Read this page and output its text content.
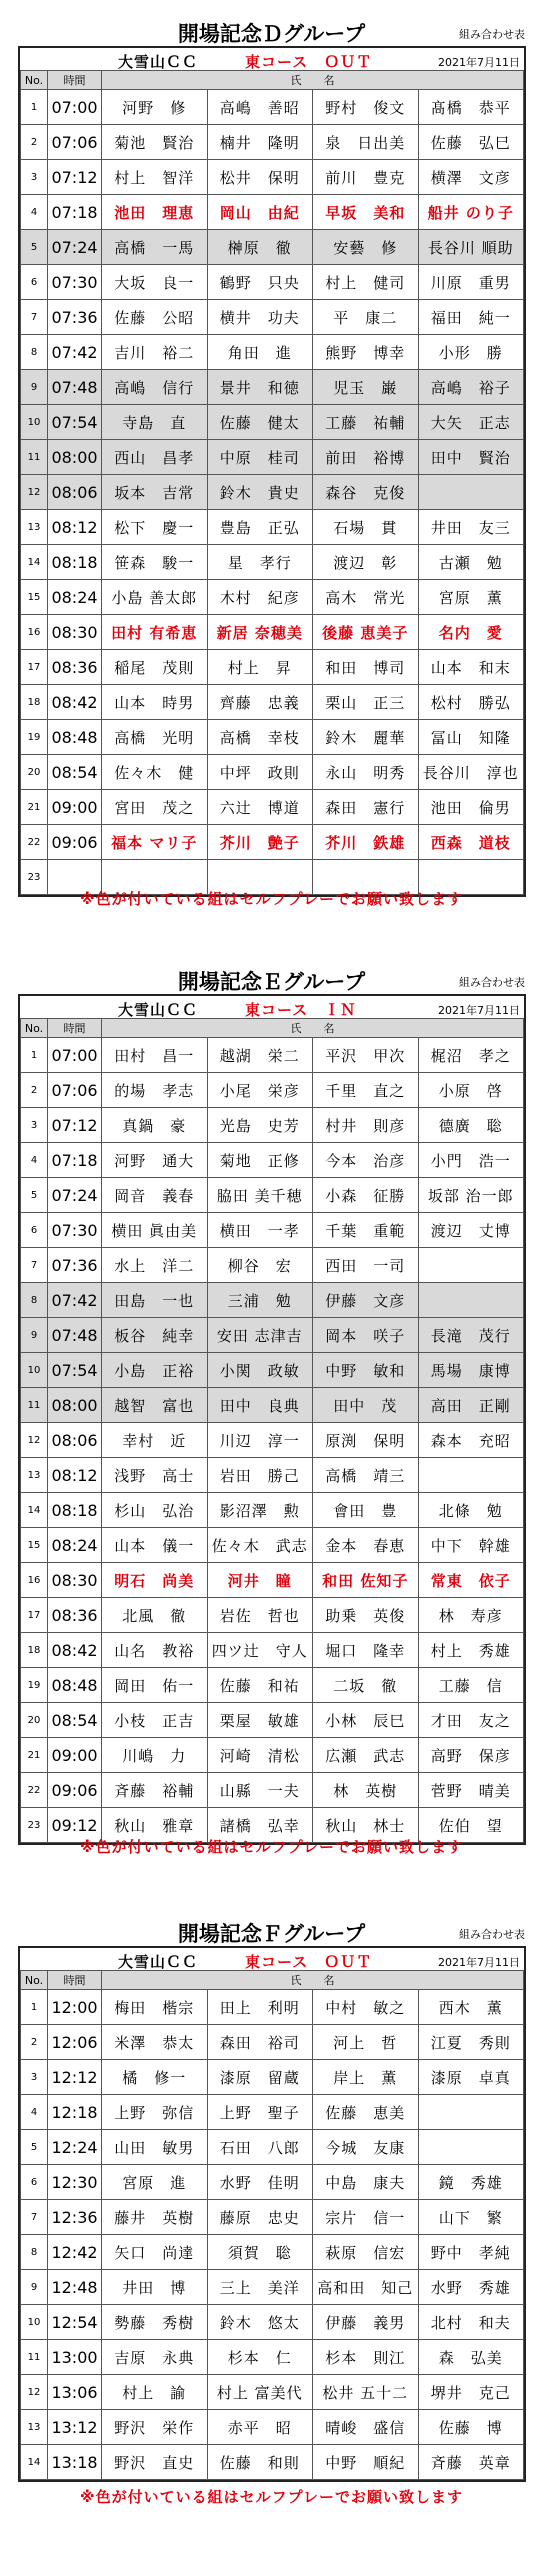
開場記念Ｄグループ	組み合わせ表
大雪山ＣＣ	東コース　ＯＵＴ	2021年7月11日
No.	時間	氏　　名			
1	07:00	河野　修	高嶋　善昭	野村　俊文	髙橋　恭平
2	07:06	菊池　賢治	楠井　隆明	泉　日出美	佐藤　弘巳
3	07:12	村上　智洋	松井　保明	前川　豊克	横澤　文彦
4	07:18	池田　理恵	岡山　由紀	早坂　美和	船井 のり子
5	07:24	高橋　一馬	榊原　徹	安藝　修	長谷川 順助
6	07:30	大坂　良一	鶴野　只央	村上　健司	川原　重男
7	07:36	佐藤　公昭	横井　功夫	平　康二	福田　純一
8	07:42	吉川　裕二	角田　進	熊野　博幸	小形　勝
9	07:48	高嶋　信行	景井　和徳	児玉　巌	高嶋　裕子
10	07:54	寺島　直	佐藤　健太	工藤　祐輔	大矢　正志
11	08:00	西山　昌孝	中原　桂司	前田　裕博	田中　賢治
12	08:06	坂本　吉常	鈴木　貴史	森谷　克俊	
13	08:12	松下　慶一	豊島　正弘	石場　貫	井田　友三
14	08:18	笹森　駿一	星　孝行	渡辺　彰	古瀬　勉
15	08:24	小島 善太郎	木村　紀彦	高木　常光	宮原　薫
16	08:30	田村 有希恵	新居 奈穂美	後藤 恵美子	名内　愛
17	08:36	稲尾　茂則	村上　昇	和田　博司	山本　和末
18	08:42	山本　時男	齊藤　忠義	栗山　正三	松村　勝弘
19	08:48	高橋　光明	高橋　幸枝	鈴木　麗華	冨山　知隆
20	08:54	佐々木　健	中坪　政則	永山　明秀	長谷川　淳也
21	09:00	宮田　茂之	六辻　博道	森田　憲行	池田　倫男
22	09:06	福本 マリ子	芥川　艶子	芥川　鉄雄	西森　道枝
23					
※色が付いている組はセルフプレーでお願い致します
開場記念Ｅグループ	組み合わせ表
大雪山ＣＣ	東コース　ＩＮ	2021年7月11日
No.	時間	氏　　名			
1	07:00	田村　昌一	越湖　栄二	平沢　甲次	梶沼　孝之
2	07:06	的場　孝志	小尾　栄彦	千里　直之	小原　啓
3	07:12	真鍋　豪	光島　史芳	村井　則彦	德廣　聡
4	07:18	河野　通大	菊地　正修	今本　治彦	小門　浩一
5	07:24	岡音　義春	脇田 美千穂	小森　征勝	坂部 治一郎
6	07:30	横田 眞由美	横田　一孝	千葉　重範	渡辺　丈博
7	07:36	水上　洋二	柳谷　宏	西田　一司	
8	07:42	田島　一也	三浦　勉	伊藤　文彦	
9	07:48	板谷　純幸	安田 志津吉	岡本　咲子	長滝　茂行
10	07:54	小島　正裕	小関　政敏	中野　敏和	馬場　康博
11	08:00	越智　富也	田中　良典	田中　茂	高田　正剛
12	08:06	幸村　近	川辺　淳一	原渕　保明	森本　充昭
13	08:12	浅野　高士	岩田　勝己	高橋　靖三	
14	08:18	杉山　弘治	影沼澤　勲	會田　豊	北條　勉
15	08:24	山本　儀一	佐々木　武志	金本　春恵	中下　幹雄
16	08:30	明石　尚美	河井　瞳	和田 佐知子	常東　依子
17	08:36	北風　徹	岩佐　哲也	助乗　英俊	林　寿彦
18	08:42	山名　教裕	四ツ辻　守人	堀口　隆幸	村上　秀雄
19	08:48	岡田　佑一	佐藤　和祐	二坂　徹	工藤　信
20	08:54	小枝　正吉	栗屋　敏雄	小林　辰巳	才田　友之
21	09:00	川嶋　力	河崎　清松	広瀬　武志	高野　保彦
22	09:06	斉藤　裕輔	山縣　一夫	林　英樹	菅野　晴美
23	09:12	秋山　雅章	諸橋　弘幸	秋山　林士	佐伯　望
※色が付いている組はセルフプレーでお願い致します
開場記念Ｆグループ	組み合わせ表
大雪山ＣＣ	東コース　ＯＵＴ	2021年7月11日
No.	時間	氏　　名			
1	12:00	梅田　楷宗	田上　利明	中村　敏之	西木　薫
2	12:06	米澤　恭太	森田　裕司	河上　哲	江夏　秀則
3	12:12	橘　修一	漆原　留蔵	岸上　薫	漆原　卓真
4	12:18	上野　弥信	上野　聖子	佐藤　恵美	
5	12:24	山田　敏男	石田　八郎	今城　友康	
6	12:30	宮原　進	水野　佳明	中島　康夫	鏡　秀雄
7	12:36	藤井　英樹	藤原　忠史	宗片　信一	山下　繁
8	12:42	矢口　尚達	須賀　聡	萩原　信宏	野中　孝純
9	12:48	井田　博	三上　美洋	高和田　知己	水野　秀雄
10	12:54	勢藤　秀樹	鈴木　悠太	伊藤　義男	北村　和夫
11	13:00	吉原　永典	杉本　仁	杉本　則江	森　弘美
12	13:06	村上　諭	村上 富美代	松井 五十二	堺井　克己
13	13:12	野沢　栄作	赤平　昭	晴峻　盛信	佐藤　博
14	13:18	野沢　直史	佐藤　和則	中野　順紀	斉藤　英章
※色が付いている組はセルフプレーでお願い致します
